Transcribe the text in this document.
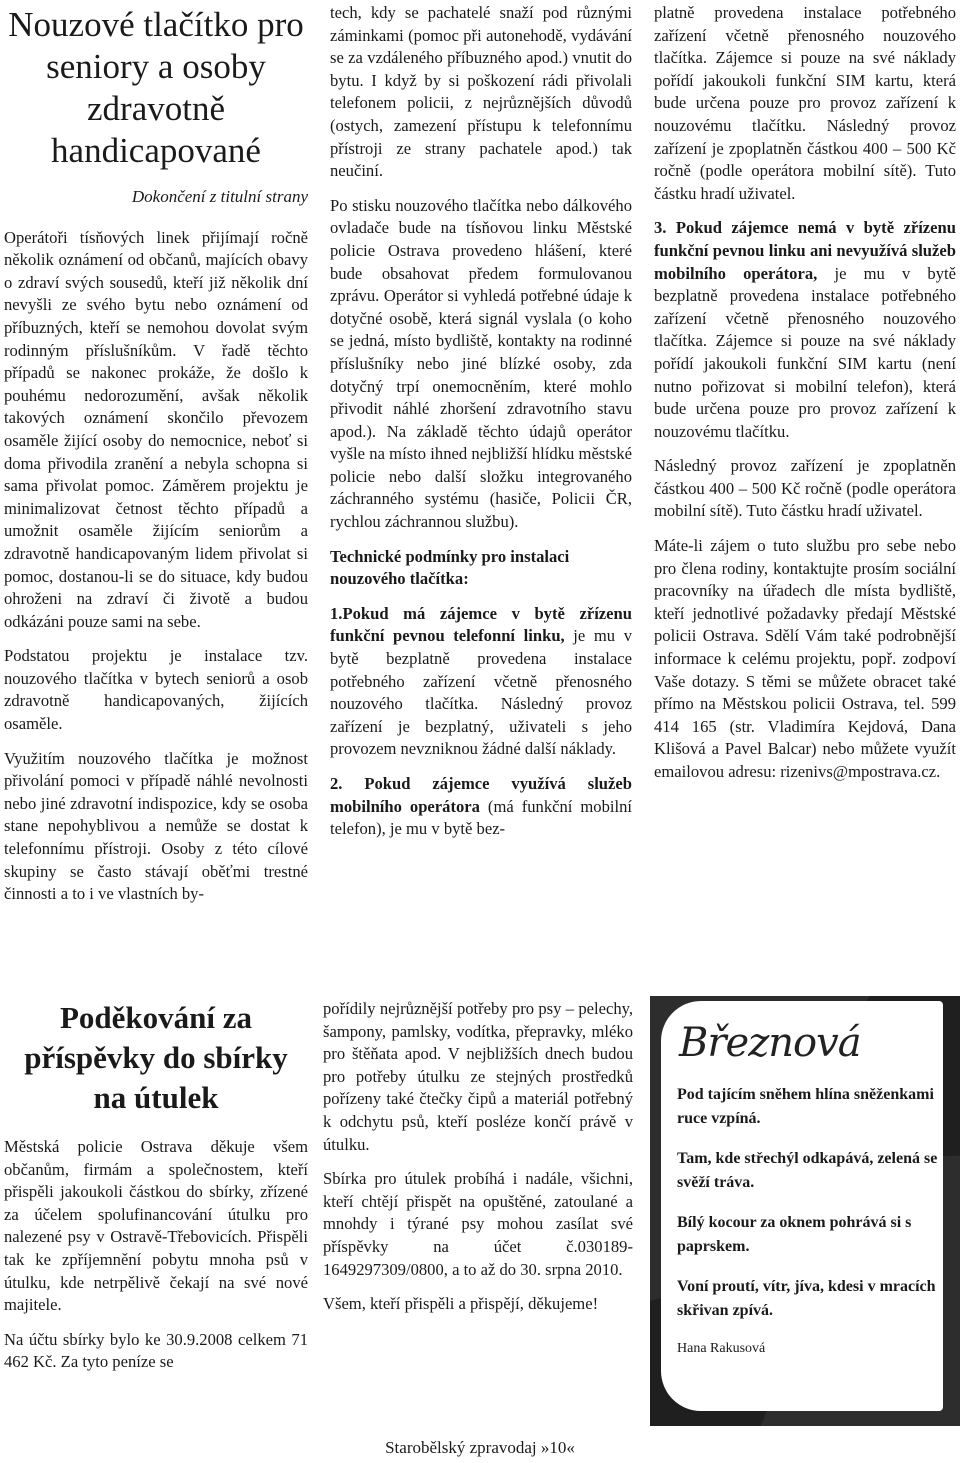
Nouzové tlačítko pro seniory a osoby zdravotně handicapované
Dokončení z titulní strany

Operátoři tísňových linek přijímají ročně několik oznámení od občanů, majících obavy o zdraví svých sousedů, kteří již několik dní nevyšli ze svého bytu nebo oznámení od příbuzných, kteří se nemohou dovolat svým rodinným příslušníkům. V řadě těchto případů se nakonec prokáže, že došlo k pouhému nedorozumění, avšak několik takových oznámení skončilo převozem osaměle žijící osoby do nemocnice, neboť si doma přivodila zranění a nebyla schopna si sama přivolat pomoc. Záměrem projektu je minimalizovat četnost těchto případů a umožnit osaměle žijícím seniorům a zdravotně handicapovaným lidem přivolat si pomoc, dostanou-li se do situace, kdy budou ohroženi na zdraví či životě a budou odkázáni pouze sami na sebe.

Podstatou projektu je instalace tzv. nouzového tlačítka v bytech seniorů a osob zdravotně handicapovaných, žijících osaměle.

Využitím nouzového tlačítka je možnost přivolání pomoci v případě náhlé nevolnosti nebo jiné zdravotní indispozice, kdy se osoba stane nepohyblivou a nemůže se dostat k telefonnímu přístroji. Osoby z této cílové skupiny se často stávají oběťmi trestné činnosti a to i ve vlastních by-

tech, kdy se pachatelé snaží pod různými záminkami (pomoc při autonehodě, vydávání se za vzdáleného příbuzného apod.) vnutit do bytu. I když by si poškození rádi přivolali telefonem policii, z nejrůznějších důvodů (ostych, zamezení přístupu k telefonnímu přístroji ze strany pachatele apod.) tak neučiní.

Po stisku nouzového tlačítka nebo dálkového ovladače bude na tísňovou linku Městské policie Ostrava provedeno hlášení, které bude obsahovat předem formulovanou zprávu. Operátor si vyhledá potřebné údaje k dotyčné osobě, která signál vyslala (o koho se jedná, místo bydliště, kontakty na rodinné příslušníky nebo jiné blízké osoby, zda dotyčný trpí onemocněním, které mohlo přivodit náhlé zhoršení zdravotního stavu apod.). Na základě těchto údajů operátor vyšle na místo ihned nejbližší hlídku městské policie nebo další složku integrovaného záchranného systému (hasiče, Policii ČR, rychlou záchrannou službu).

Technické podmínky pro instalaci nouzového tlačítka:

1.Pokud má zájemce v bytě zřízenu funkční pevnou telefonní linku, je mu v bytě bezplatně provedena instalace potřebného zařízení včetně přenosného nouzového tlačítka. Následný provoz zařízení je bezplatný, uživateli s jeho provozem nevzniknou žádné další náklady.

2. Pokud zájemce využívá služeb mobilního operátora (má funkční mobilní telefon), je mu v bytě bez-

platně provedena instalace potřebného zařízení včetně přenosného nouzového tlačítka. Zájemce si pouze na své náklady pořídí jakoukoli funkční SIM kartu, která bude určena pouze pro provoz zařízení k nouzovému tlačítku. Následný provoz zařízení je zpoplatněn částkou 400 – 500 Kč ročně (podle operátora mobilní sítě). Tuto částku hradí uživatel.

3. Pokud zájemce nemá v bytě zřízenu funkční pevnou linku ani nevyužívá služeb mobilního operátora, je mu v bytě bezplatně provedena instalace potřebného zařízení včetně přenosného nouzového tlačítka. Zájemce si pouze na své náklady pořídí jakoukoli funkční SIM kartu (není nutno pořizovat si mobilní telefon), která bude určena pouze pro provoz zařízení k nouzovému tlačítku.

Následný provoz zařízení je zpoplatněn částkou 400 – 500 Kč ročně (podle operátora mobilní sítě). Tuto částku hradí uživatel.

Máte-li zájem o tuto službu pro sebe nebo pro člena rodiny, kontaktujte prosím sociální pracovníky na úřadech dle místa bydliště, kteří jednotlivé požadavky předají Městské policii Ostrava. Sdělí Vám také podrobnější informace k celému projektu, popř. zodpoví Vaše dotazy. S těmi se můžete obracet také přímo na Městskou policii Ostrava, tel. 599 414 165 (str. Vladimíra Kejdová, Dana Klišová a Pavel Balcar) nebo můžete využít emailovou adresu: rizenivs@mpostrava.cz.

Poděkování za příspěvky do sbírky na útulek

Městská policie Ostrava děkuje všem občanům, firmám a společnostem, kteří přispěli jakoukoli částkou do sbírky, zřízené za účelem spolufinancování útulku pro nalezené psy v Ostravě-Třebovicích. Přispěli tak ke zpříjemnění pobytu mnoha psů v útulku, kde netrpělivě čekají na své nové majitele.

Na účtu sbírky bylo ke 30.9.2008 celkem 71 462 Kč. Za tyto peníze se

pořídily nejrůznější potřeby pro psy – pelechy, šampony, pamlsky, vodítka, přepravky, mléko pro štěňata apod. V nejbližších dnech budou pro potřeby útulku ze stejných prostředků pořízeny také čtečky čipů a materiál potřebný k odchytu psů, kteří posléze končí právě v útulku.

Sbírka pro útulek probíhá i nadále, všichni, kteří chtějí přispět na opuštěné, zatoulané a mnohdy i týrané psy mohou zasílat své příspěvky na účet č.030189-1649297309/0800, a to až do 30. srpna 2010.

Všem, kteří přispěli a přispějí, děkujeme!

Březnová
Pod tajícím sněhem hlína sněženkami ruce vzpíná.
Tam, kde střechýl odkapává, zelená se svěží tráva.
Bílý kocour za oknem pohrává si s paprskem.
Voní proutí, vítr, jíva, kdesi v mracích skřivan zpívá.
Hana Rakusová
Starobělský zpravodaj »10«
